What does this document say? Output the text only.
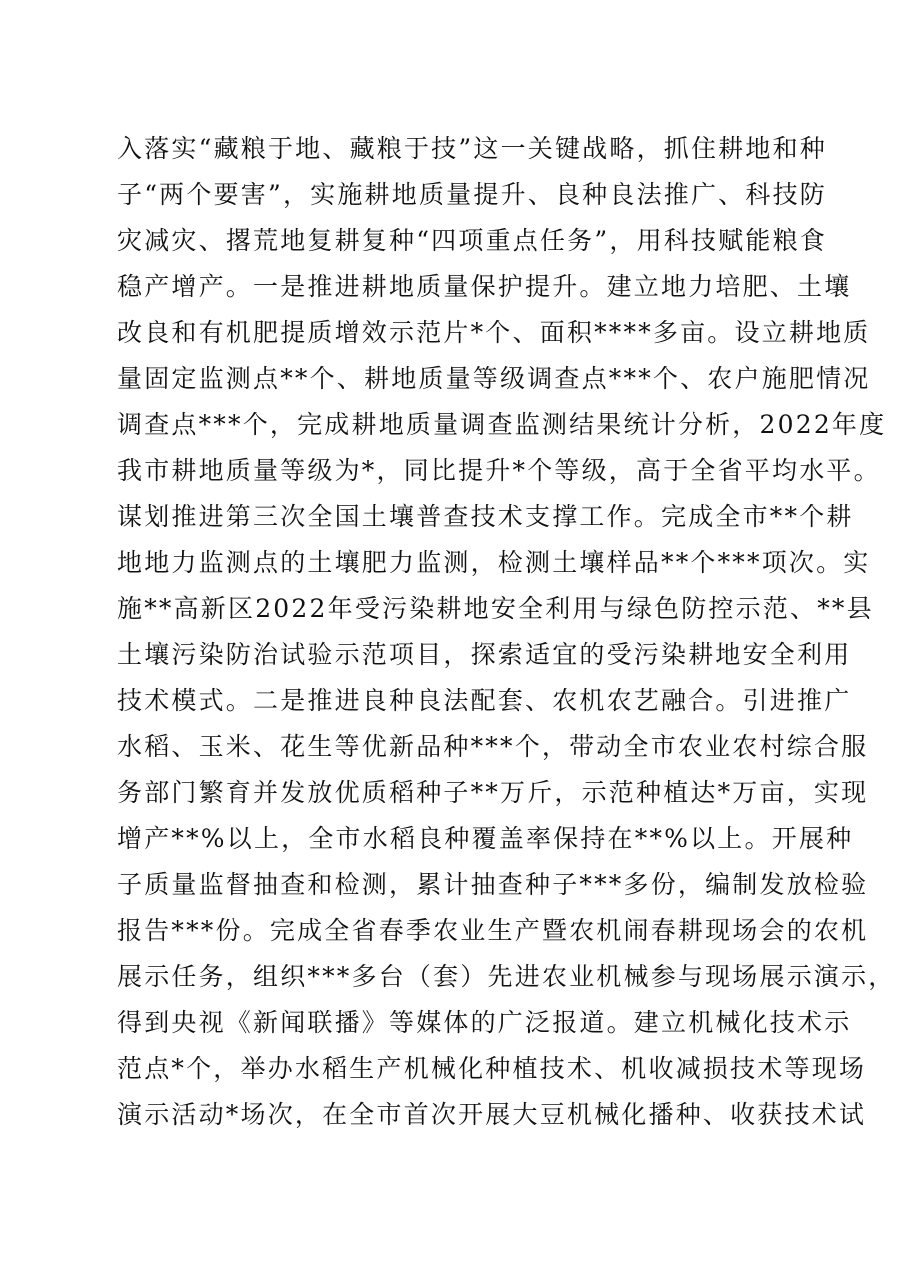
入落实“藏粮于地、藏粮于技”这一关键战略，抓住耕地和种
子“两个要害”，实施耕地质量提升、良种良法推广、科技防
灾减灾、撂荒地复耕复种“四项重点任务”，用科技赋能粮食
稳产增产。一是推进耕地质量保护提升。建立地力培肥、土壤
改良和有机肥提质增效示范片*个、面积****多亩。设立耕地质
量固定监测点**个、耕地质量等级调查点***个、农户施肥情况
调查点***个，完成耕地质量调查监测结果统计分析，2022年度
我市耕地质量等级为*，同比提升*个等级，高于全省平均水平。
谋划推进第三次全国土壤普查技术支撑工作。完成全市**个耕
地地力监测点的土壤肥力监测，检测土壤样品**个***项次。实
施**高新区2022年受污染耕地安全利用与绿色防控示范、**县
土壤污染防治试验示范项目，探索适宜的受污染耕地安全利用
技术模式。二是推进良种良法配套、农机农艺融合。引进推广
水稻、玉米、花生等优新品种***个，带动全市农业农村综合服
务部门繁育并发放优质稻种子**万斤，示范种植达*万亩，实现
增产**%以上，全市水稻良种覆盖率保持在**%以上。开展种
子质量监督抽查和检测，累计抽查种子***多份，编制发放检验
报告***份。完成全省春季农业生产暨农机闹春耕现场会的农机
展示任务，组织***多台（套）先进农业机械参与现场展示演示，
得到央视《新闻联播》等媒体的广泛报道。建立机械化技术示
范点*个，举办水稻生产机械化种植技术、机收减损技术等现场
演示活动*场次，在全市首次开展大豆机械化播种、收获技术试
